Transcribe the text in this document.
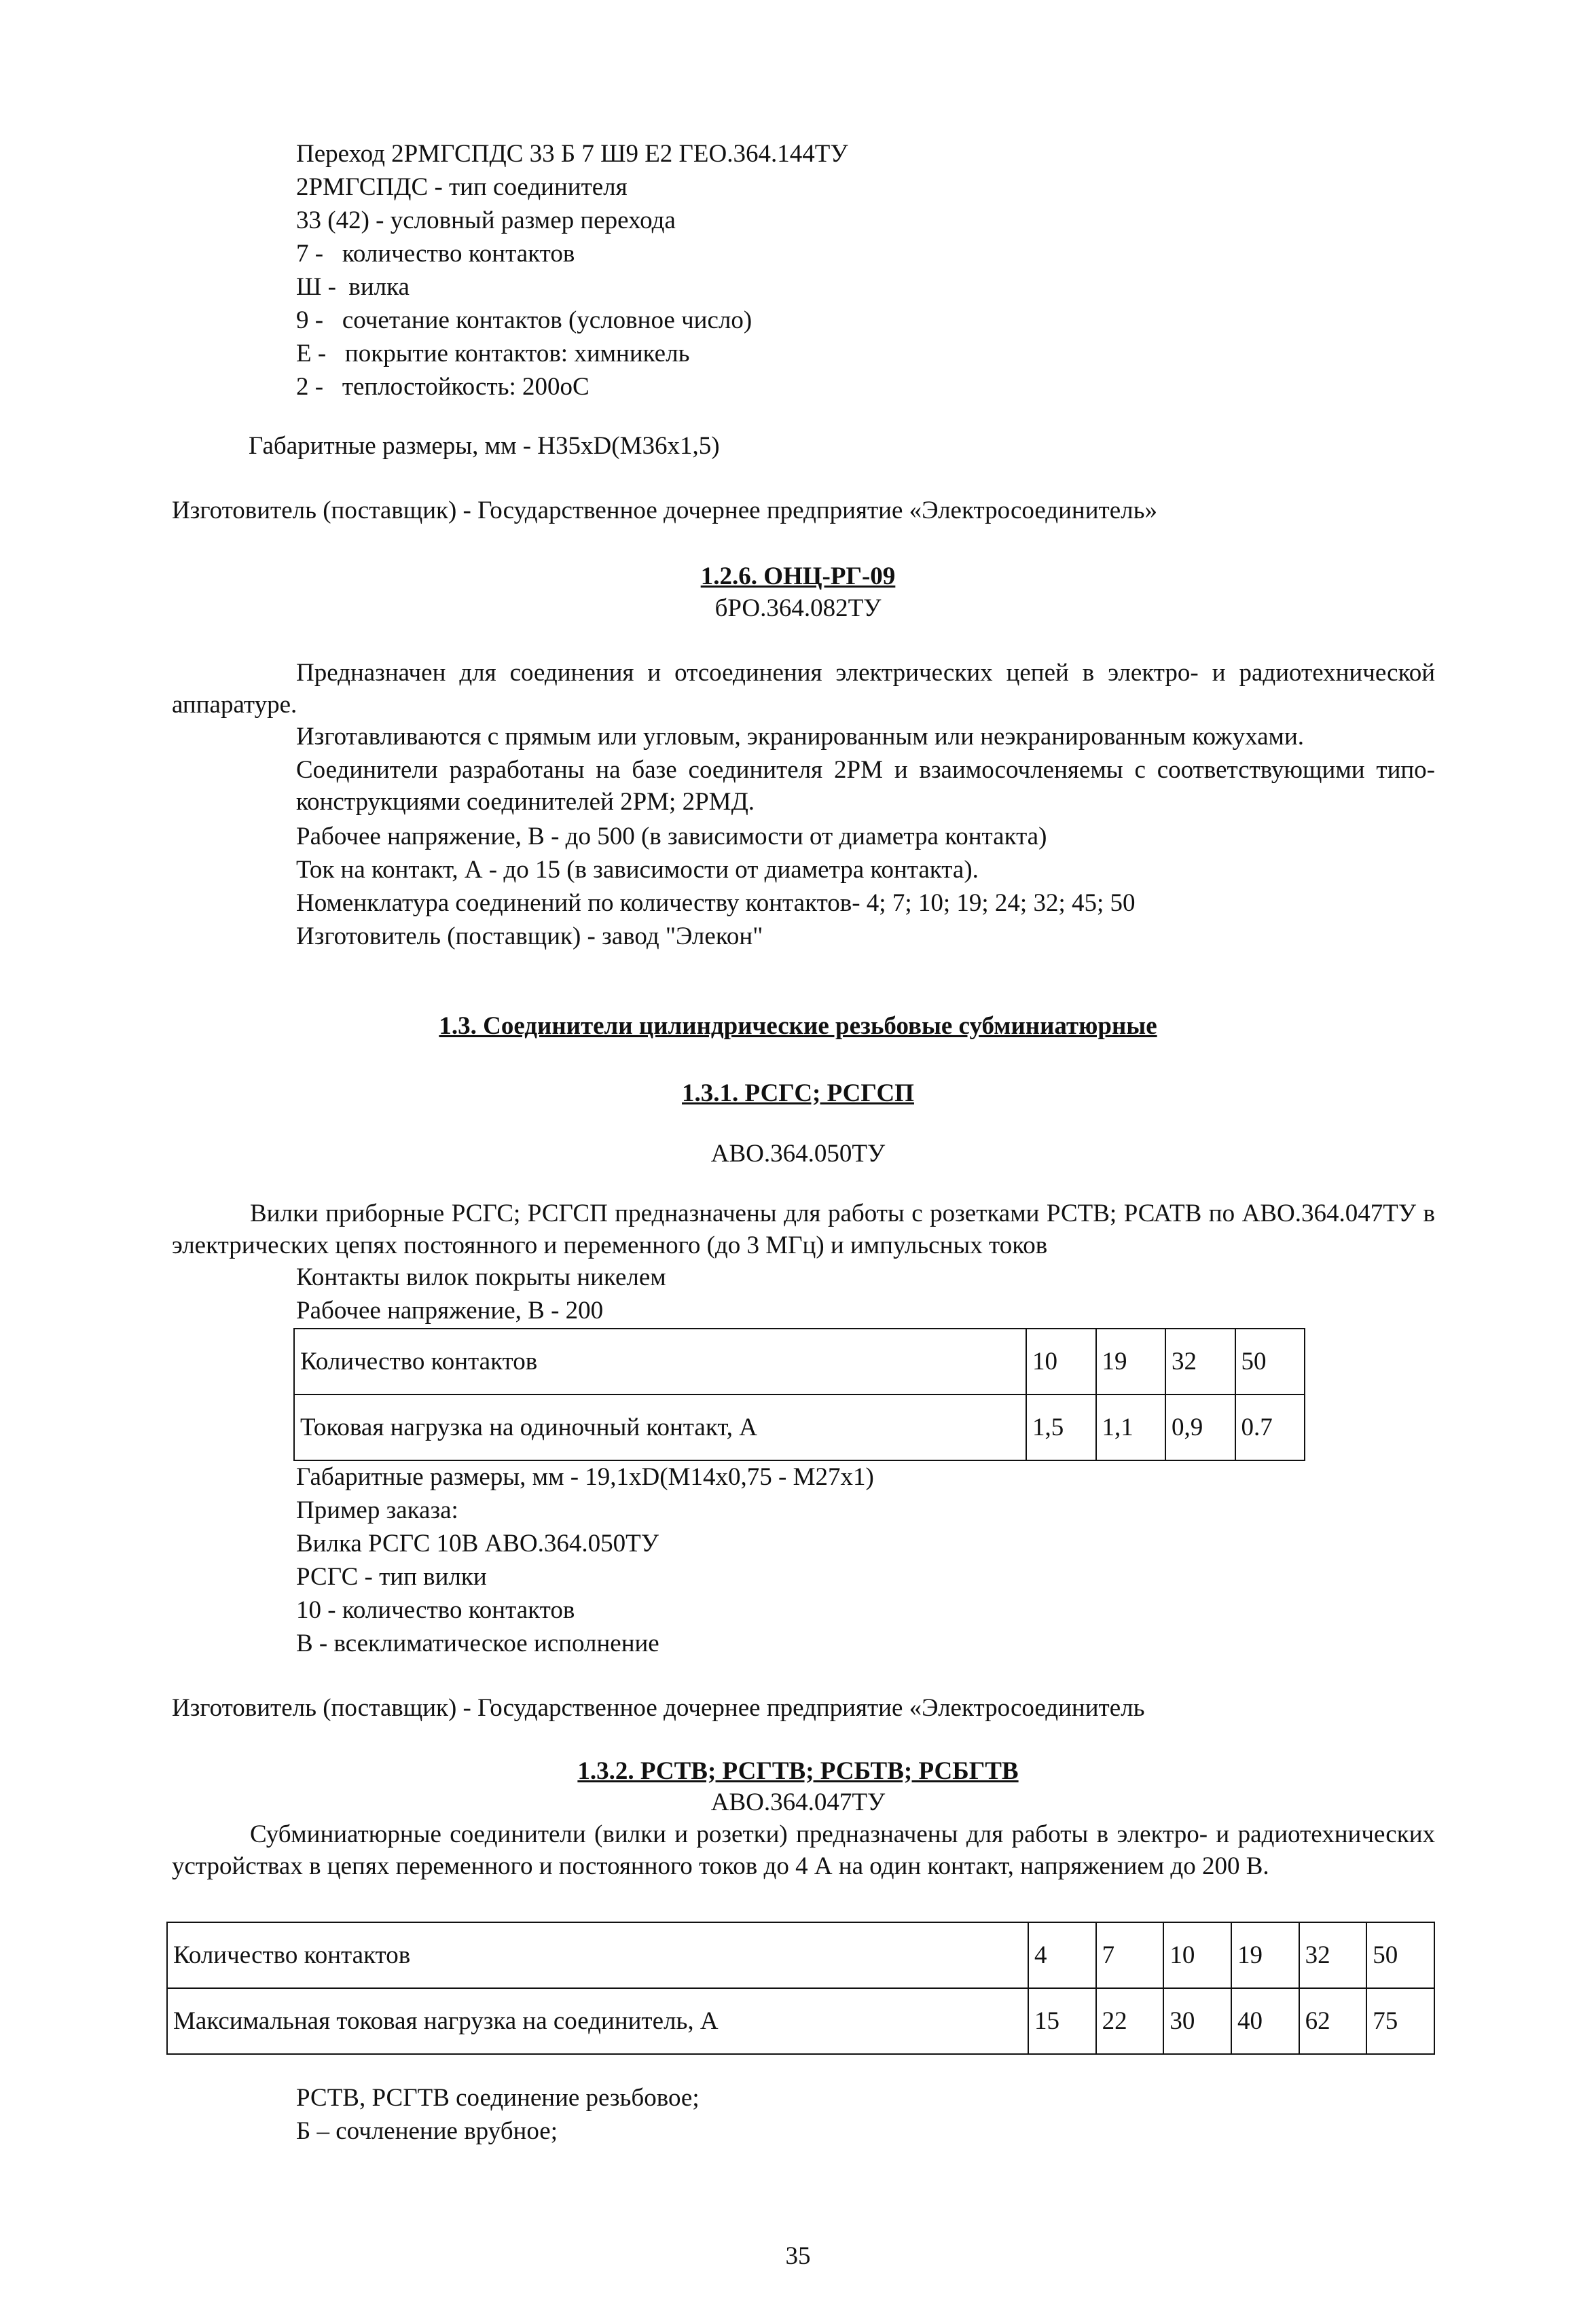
Переход 2РМГСПДС 33 Б 7 Ш9 Е2 ГЕО.364.144ТУ
2РМГСПДС - тип соединителя
33 (42) - условный размер перехода
7 -   количество контактов
Ш -  вилка
9 -   сочетание контактов (условное число)
Е -   покрытие контактов: химникель
2 -   теплостойкость: 200оС
Габаритные размеры, мм - Н35хD(М36х1,5)
Изготовитель (поставщик) - Государственное дочернее предприятие «Электросоединитель»
1.2.6. ОНЦ-РГ-09
бРО.364.082ТУ
Предназначен для соединения и отсоединения электрических цепей в электро- и радиотехнической аппаратуре.
Изготавливаются с прямым или угловым, экранированным или неэкранированным кожухами.
Соединители разработаны на базе соединителя 2РМ и взаимосочленяемы с соответствующими типо-конструкциями соединителей 2РМ; 2РМД.
Рабочее напряжение, В - до 500 (в зависимости от диаметра контакта)
Ток на контакт, А - до 15 (в зависимости от диаметра контакта).
Номенклатура соединений по количеству контактов- 4; 7; 10; 19; 24; 32; 45; 50
Изготовитель (поставщик) - завод "Элекон"
1.3. Соединители цилиндрические резьбовые субминиатюрные
1.3.1. РСГС; РСГСП
АВО.364.050ТУ
Вилки приборные РСГС; РСГСП предназначены для работы с розетками РСТВ; РСАТВ по АВО.364.047ТУ в электрических цепях постоянного и переменного (до 3 МГц) и импульсных токов
Контакты вилок покрыты никелем
Рабочее напряжение, В - 200
Количество контактов	10	19	32	50
Токовая нагрузка на одиночный контакт, А	1,5	1,1	0,9	0.7
Габаритные размеры, мм - 19,1хD(М14х0,75 - М27х1)
Пример заказа:
Вилка РСГС 10В АВО.364.050ТУ
РСГС - тип вилки
10 - количество контактов
В - всеклиматическое исполнение
Изготовитель (поставщик) - Государственное дочернее предприятие «Электросоединитель
1.3.2. РСТВ; РСГТВ; РСБТВ; РСБГТВ
АВО.364.047ТУ
Субминиатюрные соединители (вилки и розетки) предназначены для работы в электро- и радиотехнических устройствах в цепях переменного и постоянного токов до 4 А на один контакт, напряжением до 200 В.
Количество контактов	4	7	10	19	32	50
Максимальная токовая нагрузка на соединитель, А	15	22	30	40	62	75
РСТВ, РСГТВ соединение резьбовое;
Б – сочленение врубное;
35
